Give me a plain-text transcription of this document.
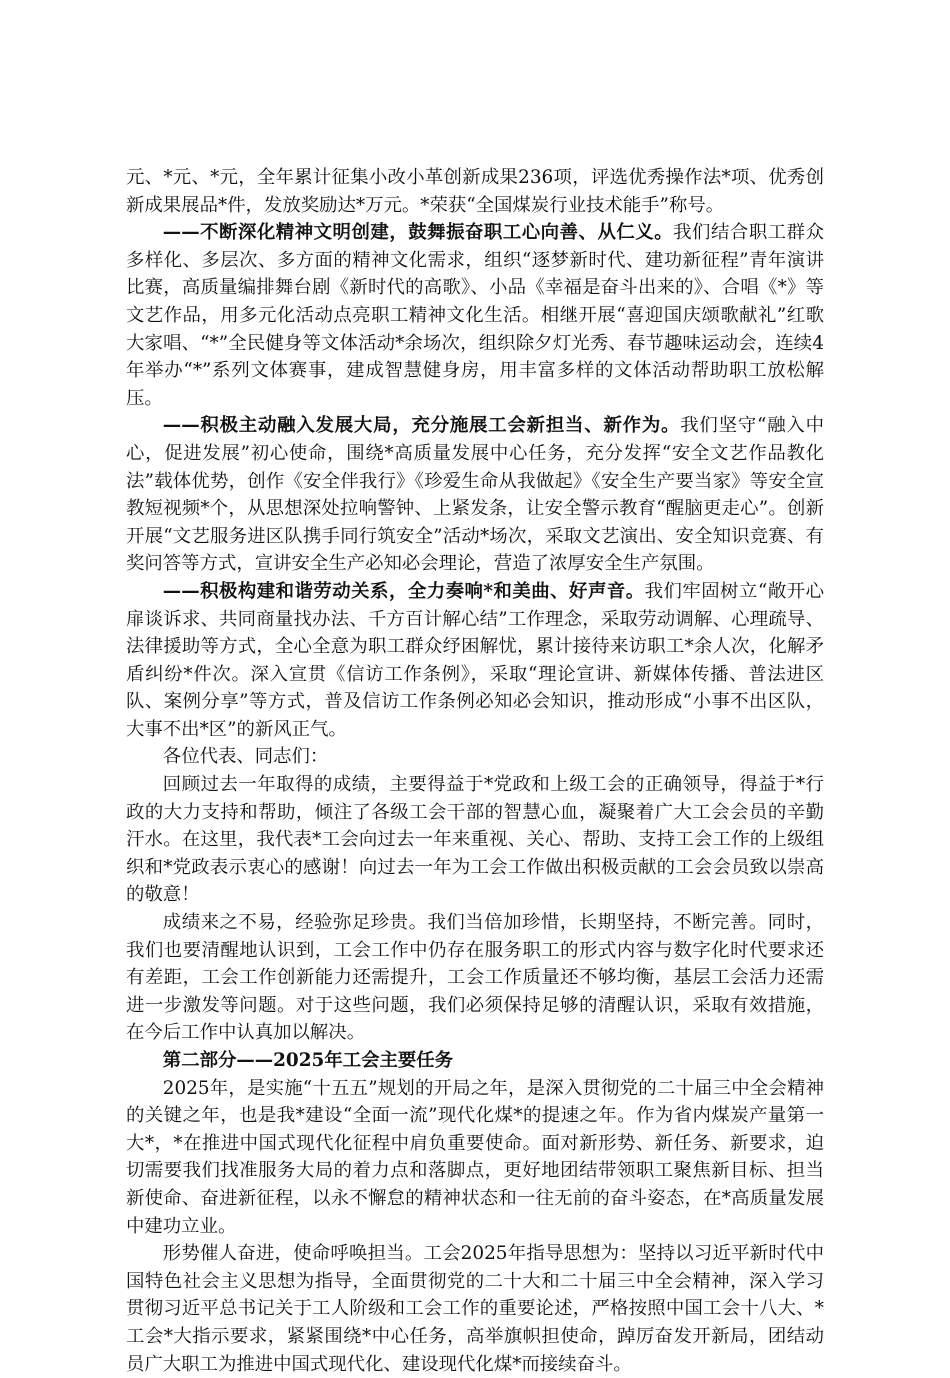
元、*元、*元，全年累计征集小改小革创新成果236项，评选优秀操作法*项、优秀创新成果展品*件，发放奖励达*万元。*荣获“全国煤炭行业技术能手”称号。

——不断深化精神文明创建，鼓舞振奋职工心向善、从仁义。我们结合职工群众多样化、多层次、多方面的精神文化需求，组织“逐梦新时代、建功新征程”青年演讲比赛，高质量编排舞台剧《新时代的高歌》、小品《幸福是奋斗出来的》、合唱《*》等文艺作品，用多元化活动点亮职工精神文化生活。相继开展“喜迎国庆颂歌献礼”红歌大家唱、“*”全民健身等文体活动*余场次，组织除夕灯光秀、春节趣味运动会，连续4年举办“*”系列文体赛事，建成智慧健身房，用丰富多样的文体活动帮助职工放松解压。

——积极主动融入发展大局，充分施展工会新担当、新作为。我们坚守“融入中心，促进发展”初心使命，围绕*高质量发展中心任务，充分发挥“安全文艺作品教化法”载体优势，创作《安全伴我行》《珍爱生命从我做起》《安全生产要当家》等安全宣教短视频*个，从思想深处拉响警钟、上紧发条，让安全警示教育“醒脑更走心”。创新开展“文艺服务进区队携手同行筑安全”活动*场次，采取文艺演出、安全知识竞赛、有奖问答等方式，宣讲安全生产必知必会理论，营造了浓厚安全生产氛围。

——积极构建和谐劳动关系，全力奏响*和美曲、好声音。我们牢固树立“敞开心扉谈诉求、共同商量找办法、千方百计解心结”工作理念，采取劳动调解、心理疏导、法律援助等方式，全心全意为职工群众纾困解忧，累计接待来访职工*余人次，化解矛盾纠纷*件次。深入宣贯《信访工作条例》，采取“理论宣讲、新媒体传播、普法进区队、案例分享”等方式，普及信访工作条例必知必会知识，推动形成“小事不出区队，大事不出*区”的新风正气。

各位代表、同志们：

回顾过去一年取得的成绩，主要得益于*党政和上级工会的正确领导，得益于*行政的大力支持和帮助，倾注了各级工会干部的智慧心血，凝聚着广大工会会员的辛勤汗水。在这里，我代表*工会向过去一年来重视、关心、帮助、支持工会工作的上级组织和*党政表示衷心的感谢！向过去一年为工会工作做出积极贡献的工会会员致以崇高的敬意！

成绩来之不易，经验弥足珍贵。我们当倍加珍惜，长期坚持，不断完善。同时，我们也要清醒地认识到，工会工作中仍存在服务职工的形式内容与数字化时代要求还有差距，工会工作创新能力还需提升，工会工作质量还不够均衡，基层工会活力还需进一步激发等问题。对于这些问题，我们必须保持足够的清醒认识，采取有效措施，在今后工作中认真加以解决。

第二部分——2025年工会主要任务

2025年，是实施“十五五”规划的开局之年，是深入贯彻党的二十届三中全会精神的关键之年，也是我*建设“全面一流”现代化煤*的提速之年。作为省内煤炭产量第一大*，*在推进中国式现代化征程中肩负重要使命。面对新形势、新任务、新要求，迫切需要我们找准服务大局的着力点和落脚点，更好地团结带领职工聚焦新目标、担当新使命、奋进新征程，以永不懈怠的精神状态和一往无前的奋斗姿态，在*高质量发展中建功立业。

形势催人奋进，使命呼唤担当。工会2025年指导思想为：坚持以习近平新时代中国特色社会主义思想为指导，全面贯彻党的二十大和二十届三中全会精神，深入学习贯彻习近平总书记关于工人阶级和工会工作的重要论述，严格按照中国工会十八大、*工会*大指示要求，紧紧围绕*中心任务，高举旗帜担使命，踔厉奋发开新局，团结动员广大职工为推进中国式现代化、建设现代化煤*而接续奋斗。
